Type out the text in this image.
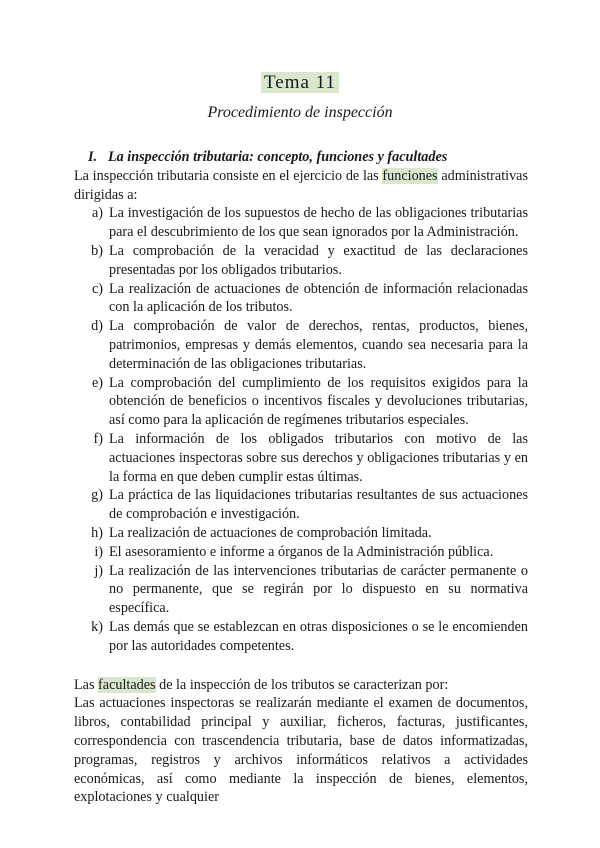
Tema 11
Procedimiento de inspección
I. La inspección tributaria: concepto, funciones y facultades

La inspección tributaria consiste en el ejercicio de las funciones administrativas dirigidas a:

a) La investigación de los supuestos de hecho de las obligaciones tributarias para el descubrimiento de los que sean ignorados por la Administración.
b) La comprobación de la veracidad y exactitud de las declaraciones presentadas por los obligados tributarios.
c) La realización de actuaciones de obtención de información relacionadas con la aplicación de los tributos.
d) La comprobación de valor de derechos, rentas, productos, bienes, patrimonios, empresas y demás elementos, cuando sea necesaria para la determinación de las obligaciones tributarias.
e) La comprobación del cumplimiento de los requisitos exigidos para la obtención de beneficios o incentivos fiscales y devoluciones tributarias, así como para la aplicación de regímenes tributarios especiales.
f) La información de los obligados tributarios con motivo de las actuaciones inspectoras sobre sus derechos y obligaciones tributarias y en la forma en que deben cumplir estas últimas.
g) La práctica de las liquidaciones tributarias resultantes de sus actuaciones de comprobación e investigación.
h) La realización de actuaciones de comprobación limitada.
i) El asesoramiento e informe a órganos de la Administración pública.
j) La realización de las intervenciones tributarias de carácter permanente o no permanente, que se regirán por lo dispuesto en su normativa específica.
k) Las demás que se establezcan en otras disposiciones o se le encomienden por las autoridades competentes.

Las facultades de la inspección de los tributos se caracterizan por:

Las actuaciones inspectoras se realizarán mediante el examen de documentos, libros, contabilidad principal y auxiliar, ficheros, facturas, justificantes, correspondencia con trascendencia tributaria, base de datos informatizadas, programas, registros y archivos informáticos relativos a actividades económicas, así como mediante la inspección de bienes, elementos, explotaciones y cualquier
